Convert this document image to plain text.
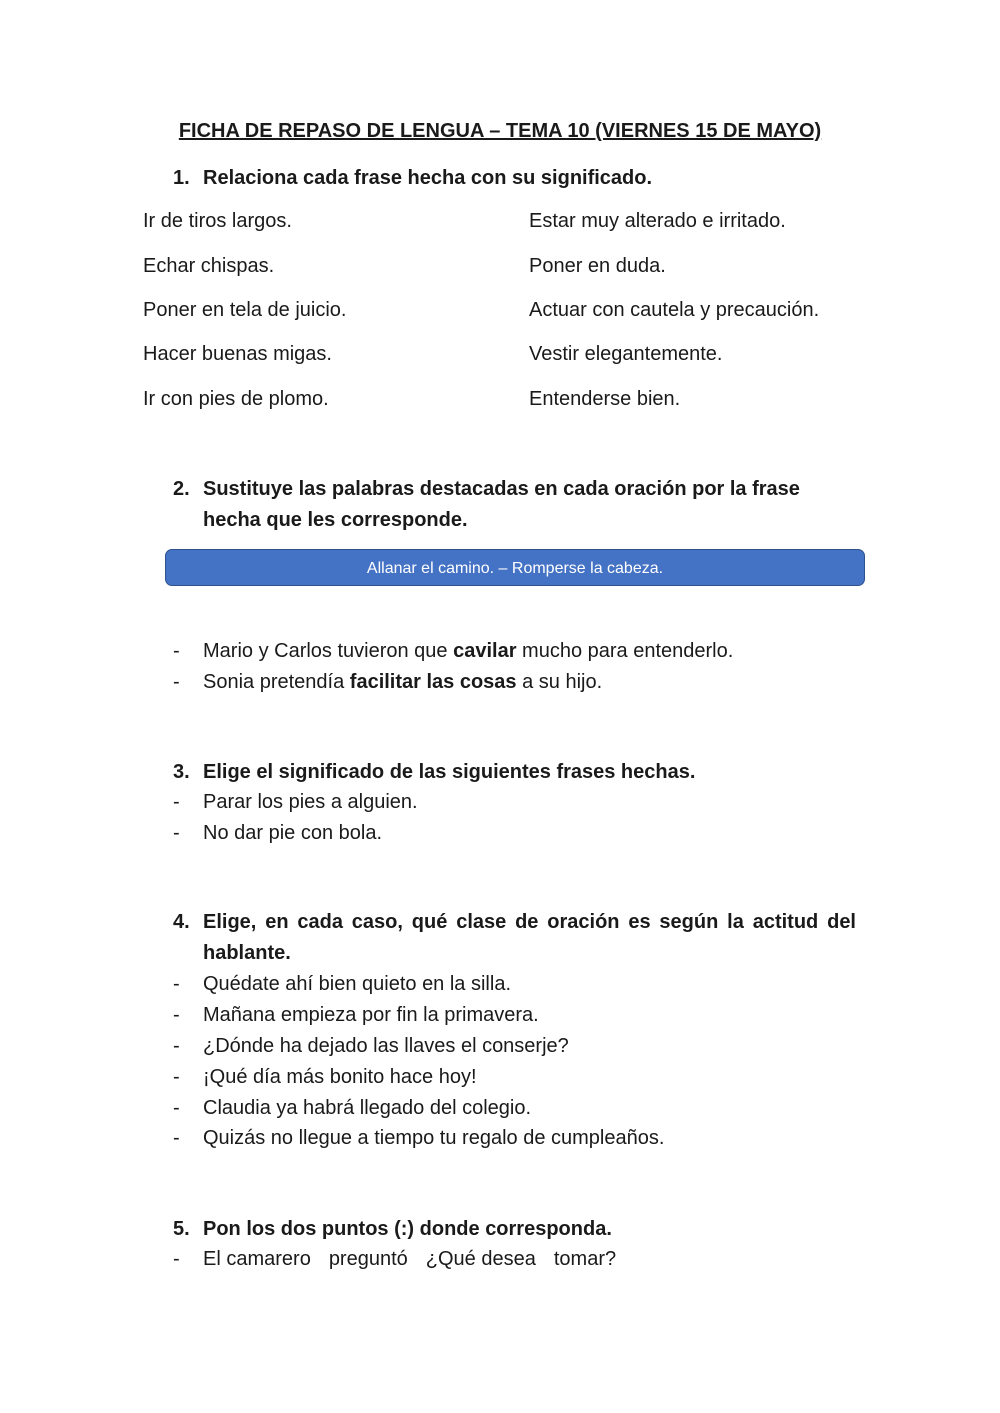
FICHA DE REPASO DE LENGUA – TEMA 10 (VIERNES 15 DE MAYO)
1. Relaciona cada frase hecha con su significado.
Ir de tiros largos.
Echar chispas.
Poner en tela de juicio.
Hacer buenas migas.
Ir con pies de plomo.
Estar muy alterado e irritado.
Poner en duda.
Actuar con cautela y precaución.
Vestir elegantemente.
Entenderse bien.
2. Sustituye las palabras destacadas en cada oración por la frase hecha que les corresponde.
Allanar el camino. – Romperse la cabeza.
- Mario y Carlos tuvieron que cavilar mucho para entenderlo.
- Sonia pretendía facilitar las cosas a su hijo.
3. Elige el significado de las siguientes frases hechas.
- Parar los pies a alguien.
- No dar pie con bola.
4. Elige, en cada caso, qué clase de oración es según la actitud del hablante.
- Quédate ahí bien quieto en la silla.
- Mañana empieza por fin la primavera.
- ¿Dónde ha dejado las llaves el conserje?
- ¡Qué día más bonito hace hoy!
- Claudia ya habrá llegado del colegio.
- Quizás no llegue a tiempo tu regalo de cumpleaños.
5. Pon los dos puntos (:) donde corresponda.
- El camarero preguntó ¿Qué desea tomar?
